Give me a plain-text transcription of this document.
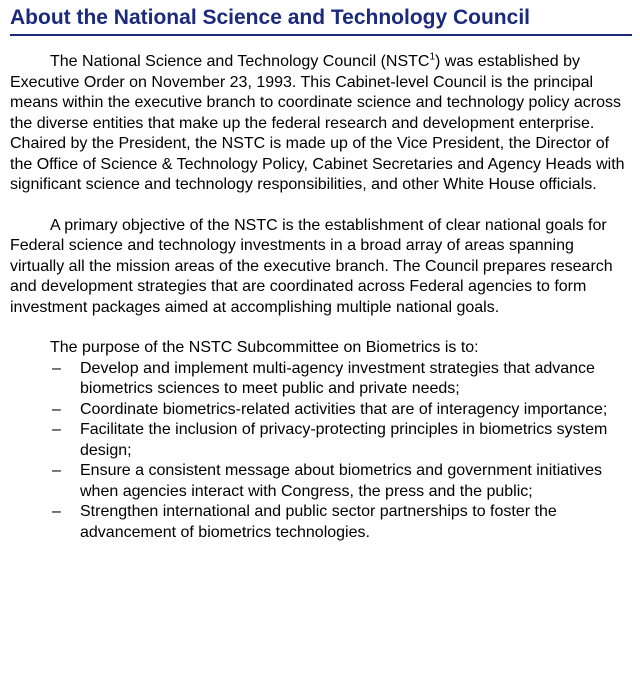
About the National Science and Technology Council

The National Science and Technology Council (NSTC$^1$) was established by Executive Order on November 23, 1993. This Cabinet-level Council is the principal means within the executive branch to coordinate science and technology policy across the diverse entities that make up the federal research and development enterprise. Chaired by the President, the NSTC is made up of the Vice President, the Director of the Office of Science & Technology Policy, Cabinet Secretaries and Agency Heads with significant science and technology responsibilities, and other White House officials.

A primary objective of the NSTC is the establishment of clear national goals for Federal science and technology investments in a broad array of areas spanning virtually all the mission areas of the executive branch. The Council prepares research and development strategies that are coordinated across Federal agencies to form investment packages aimed at accomplishing multiple national goals.

The purpose of the NSTC Subcommittee on Biometrics is to:

– Develop and implement multi-agency investment strategies that advance biometrics sciences to meet public and private needs;
– Coordinate biometrics-related activities that are of interagency importance;
– Facilitate the inclusion of privacy-protecting principles in biometrics system design;
– Ensure a consistent message about biometrics and government initiatives when agencies interact with Congress, the press and the public;
– Strengthen international and public sector partnerships to foster the advancement of biometrics technologies.
